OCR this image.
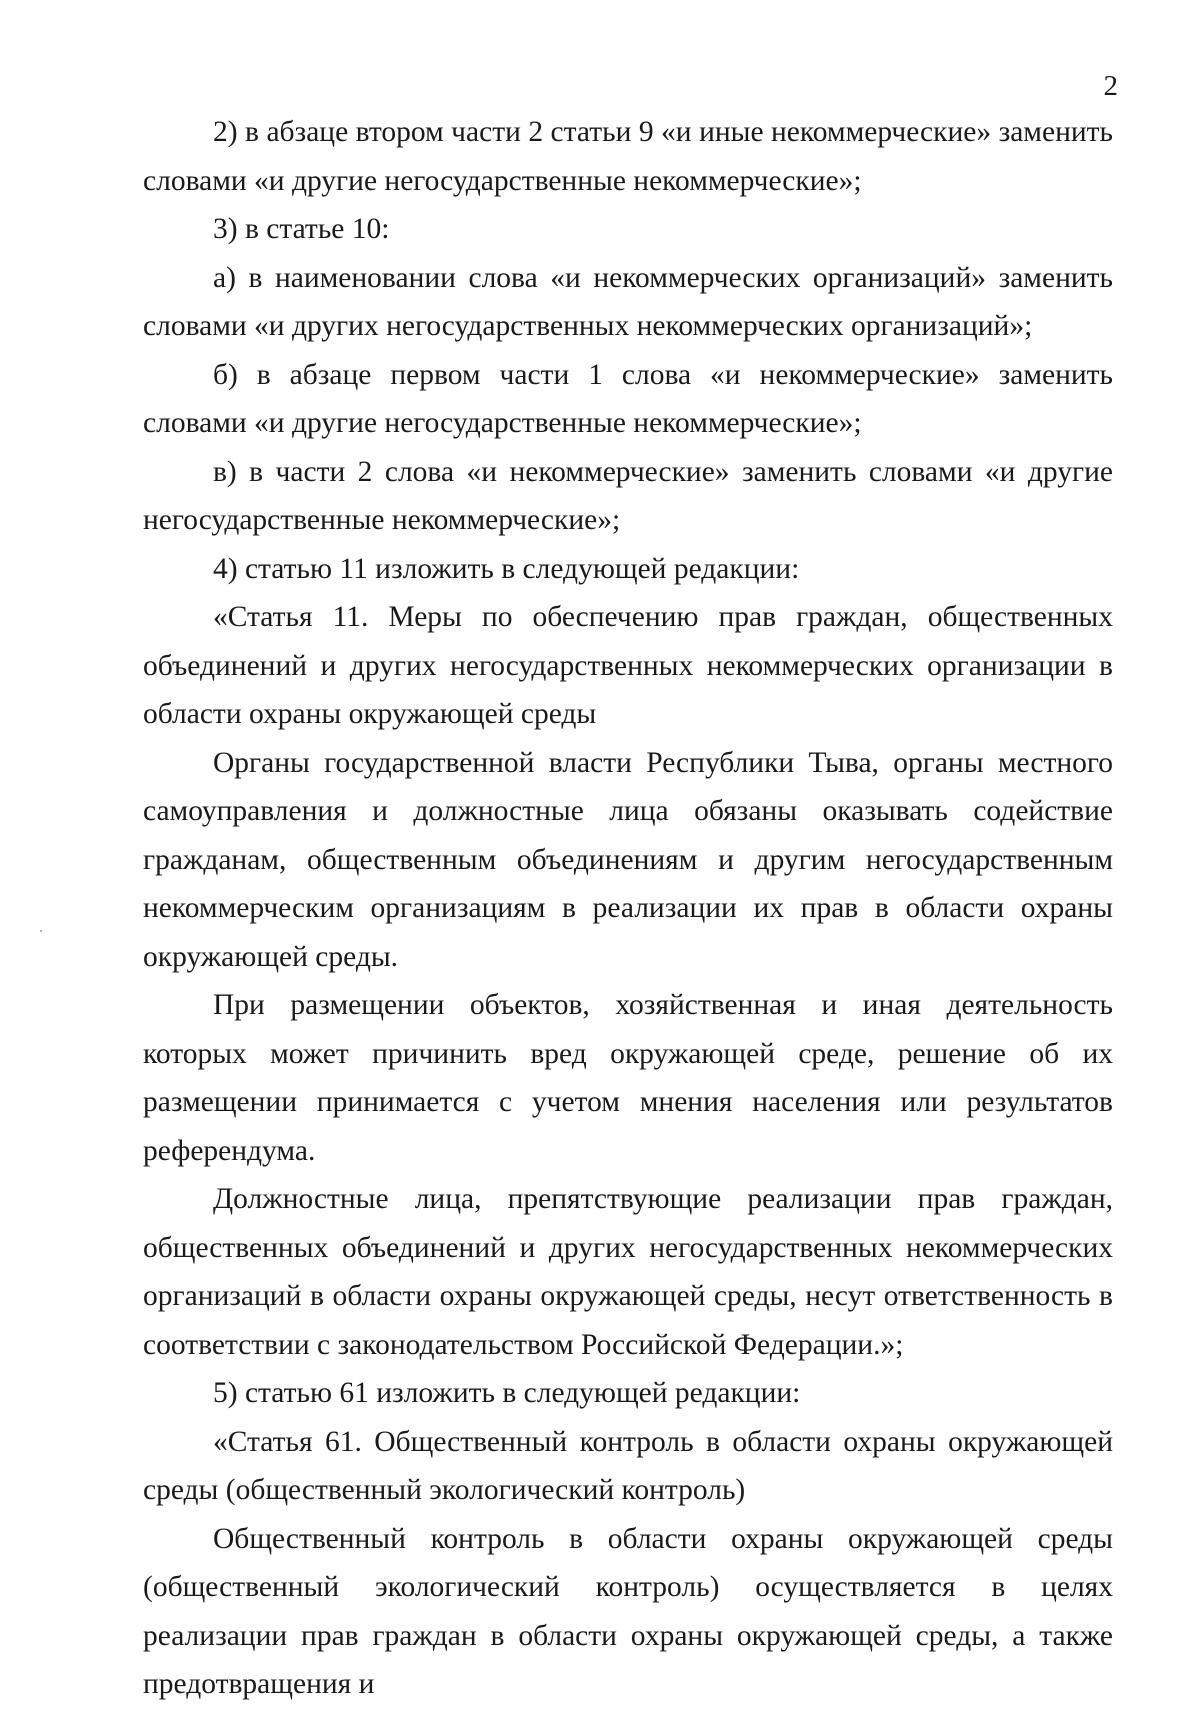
2

2) в абзаце втором части 2 статьи 9 «и иные некоммерческие» заменить словами «и другие негосударственные некоммерческие»;

3) в статье 10:

а) в наименовании слова «и некоммерческих организаций» заменить словами «и других негосударственных некоммерческих организаций»;

б) в абзаце первом части 1 слова «и некоммерческие» заменить словами «и другие негосударственные некоммерческие»;

в) в части 2 слова «и некоммерческие» заменить словами «и другие негосударственные некоммерческие»;

4) статью 11 изложить в следующей редакции:

«Статья 11. Меры по обеспечению прав граждан, общественных объединений и других негосударственных некоммерческих организации в области охраны окружающей среды

Органы государственной власти Республики Тыва, органы местного самоуправления и должностные лица обязаны оказывать содействие гражданам, общественным объединениям и другим негосударственным некоммерческим организациям в реализации их прав в области охраны окружающей среды.

При размещении объектов, хозяйственная и иная деятельность которых может причинить вред окружающей среде, решение об их размещении принимается с учетом мнения населения или результатов референдума.

Должностные лица, препятствующие реализации прав граждан, общественных объединений и других негосударственных некоммерческих организаций в области охраны окружающей среды, несут ответственность в соответствии с законодательством Российской Федерации.»;

5) статью 61 изложить в следующей редакции:

«Статья 61. Общественный контроль в области охраны окружающей среды (общественный экологический контроль)

Общественный контроль в области охраны окружающей среды (общественный экологический контроль) осуществляется в целях реализации прав граждан в области охраны окружающей среды, а также предотвращения и
